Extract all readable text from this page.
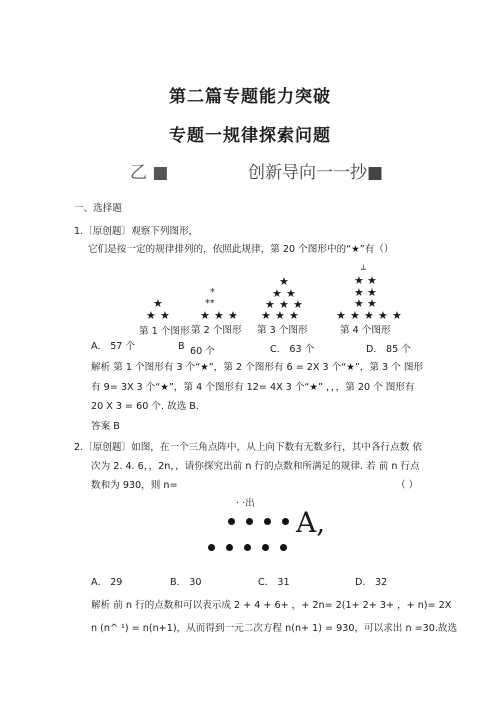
第二篇专题能力突破
专题一规律探索问题
乙 ■	创新导向一一抄■
一、选择题
1.〔原创题〕观察下列图形，
它们是按一定的规律排列的，依照此规律，第 20 个图形中的“★”有（）
★
★ ★
*
**
★ ★ ★
★
★ ★
★ ★ ★
★ ★ ★
┴
★ ★
★ ★
★ ★
★ ★ ★ ★ ★
第 1 个图形 第 2 个图形 第 3 个图形	第 4 个图形
A． 57 个	B 60 个	C． 63 个	D． 85 个
解析 第 1 个图形有 3 个“★”，第 2 个图形有 6 = 2X 3 个“★”，第 3 个 图形
有 9= 3X 3 个“★”，第 4 个图形有 12= 4X 3 个“★” ，，，第 20 个 图形有
20 X 3 = 60 个. 故选 B.
答案 B
2.〔原创题〕如图，在一个三角点阵中，从上向下数有无数多行，其中各行点数 依
次为 2. 4. 6，，2n，，请你探究出前 n 行的点数和所满足的规律. 若 前 n 行点
数和为 930，则 n=	（ ）
· ·出
A,
A． 29	B． 30	C． 31	D． 32
解析 前 n 行的点数和可以表示成 2 + 4 + 6+ ，+ 2n= 2(1+ 2+ 3+ ，+ n)= 2X
n (n^ ¹) = n(n+1)，从而得到一元二次方程 n(n+ 1) = 930，可以求出 n =30.故选
